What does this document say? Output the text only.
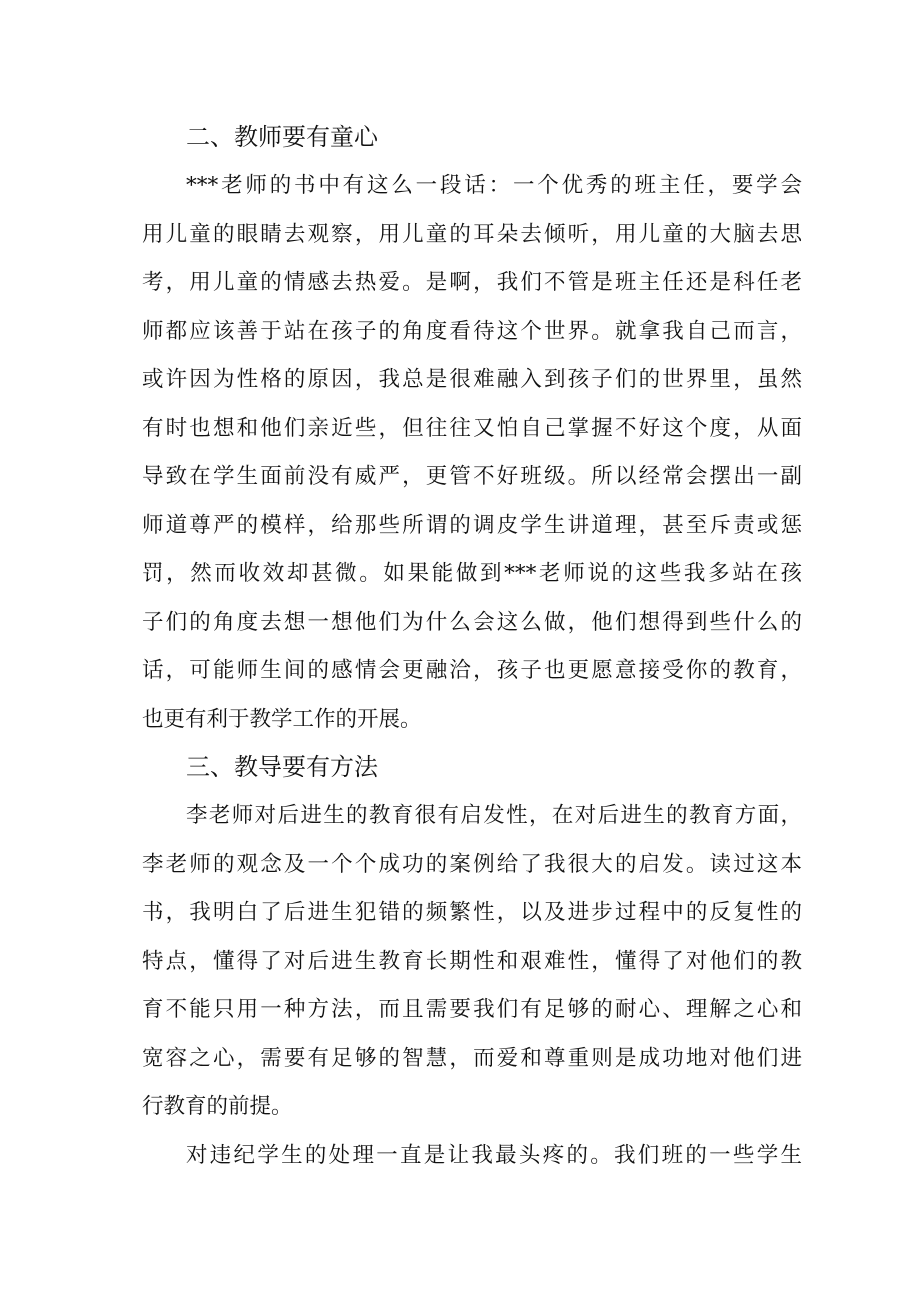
二、教师要有童心
***老师的书中有这么一段话：一个优秀的班主任，要学会
用儿童的眼睛去观察，用儿童的耳朵去倾听，用儿童的大脑去思
考，用儿童的情感去热爱。是啊，我们不管是班主任还是科任老
师都应该善于站在孩子的角度看待这个世界。就拿我自己而言，
或许因为性格的原因，我总是很难融入到孩子们的世界里，虽然
有时也想和他们亲近些，但往往又怕自己掌握不好这个度，从面
导致在学生面前没有威严，更管不好班级。所以经常会摆出一副
师道尊严的模样，给那些所谓的调皮学生讲道理，甚至斥责或惩
罚，然而收效却甚微。如果能做到***老师说的这些我多站在孩
子们的角度去想一想他们为什么会这么做，他们想得到些什么的
话，可能师生间的感情会更融洽，孩子也更愿意接受你的教育，
也更有利于教学工作的开展。
三、教导要有方法
李老师对后进生的教育很有启发性，在对后进生的教育方面，
李老师的观念及一个个成功的案例给了我很大的启发。读过这本
书，我明白了后进生犯错的频繁性，以及进步过程中的反复性的
特点，懂得了对后进生教育长期性和艰难性，懂得了对他们的教
育不能只用一种方法，而且需要我们有足够的耐心、理解之心和
宽容之心，需要有足够的智慧，而爱和尊重则是成功地对他们进
行教育的前提。
对违纪学生的处理一直是让我最头疼的。我们班的一些学生
